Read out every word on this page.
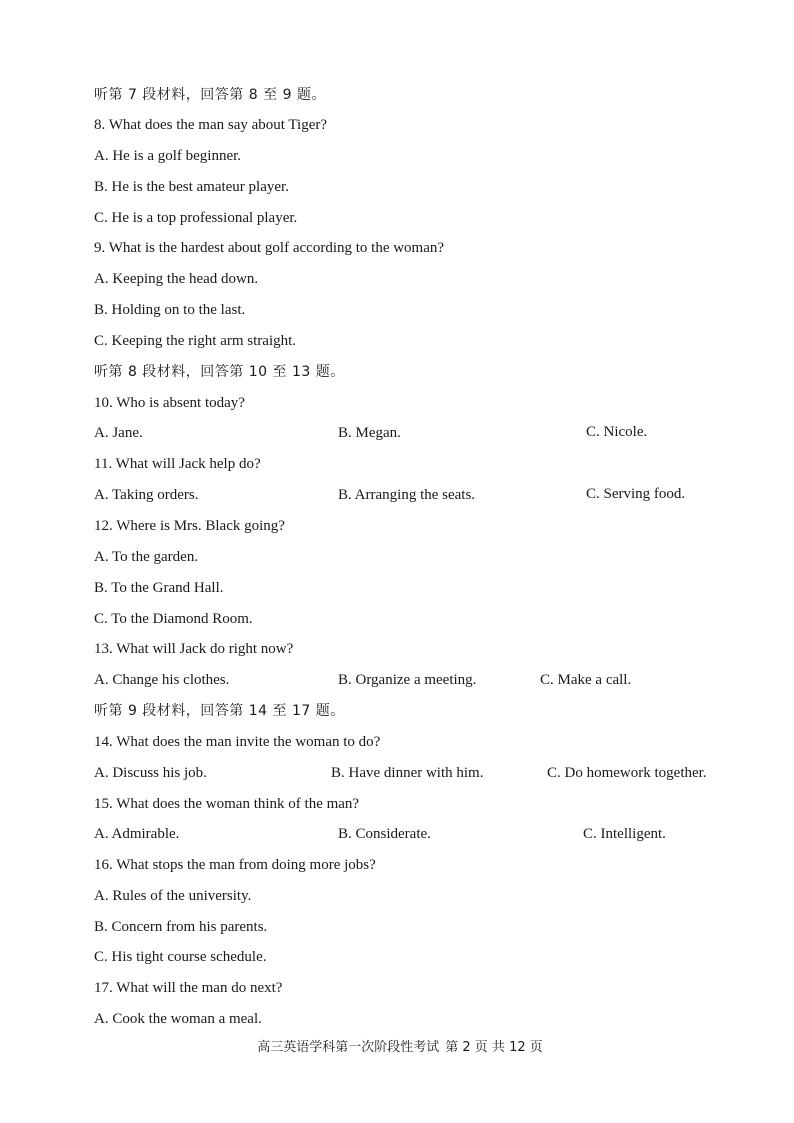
听第 7 段材料，回答第 8 至 9 题。
8. What does the man say about Tiger?
A. He is a golf beginner.
B. He is the best amateur player.
C. He is a top professional player.
9. What is the hardest about golf according to the woman?
A. Keeping the head down.
B. Holding on to the last.
C. Keeping the right arm straight.
听第 8 段材料，回答第 10 至 13 题。
10. Who is absent today?
A. Jane.	B. Megan.	C. Nicole.
11. What will Jack help do?
A. Taking orders.	B. Arranging the seats.	C. Serving food.
12. Where is Mrs. Black going?
A. To the garden.
B. To the Grand Hall.
C. To the Diamond Room.
13. What will Jack do right now?
A. Change his clothes.	B. Organize a meeting.	C. Make a call.
听第 9 段材料，回答第 14 至 17 题。
14. What does the man invite the woman to do?
A. Discuss his job.	B. Have dinner with him.	C. Do homework together.
15. What does the woman think of the man?
A. Admirable.	B. Considerate.	C. Intelligent.
16. What stops the man from doing more jobs?
A. Rules of the university.
B. Concern from his parents.
C. His tight course schedule.
17. What will the man do next?
A. Cook the woman a meal.
高三英语学科第一次阶段性考试 第 2 页 共 12 页
